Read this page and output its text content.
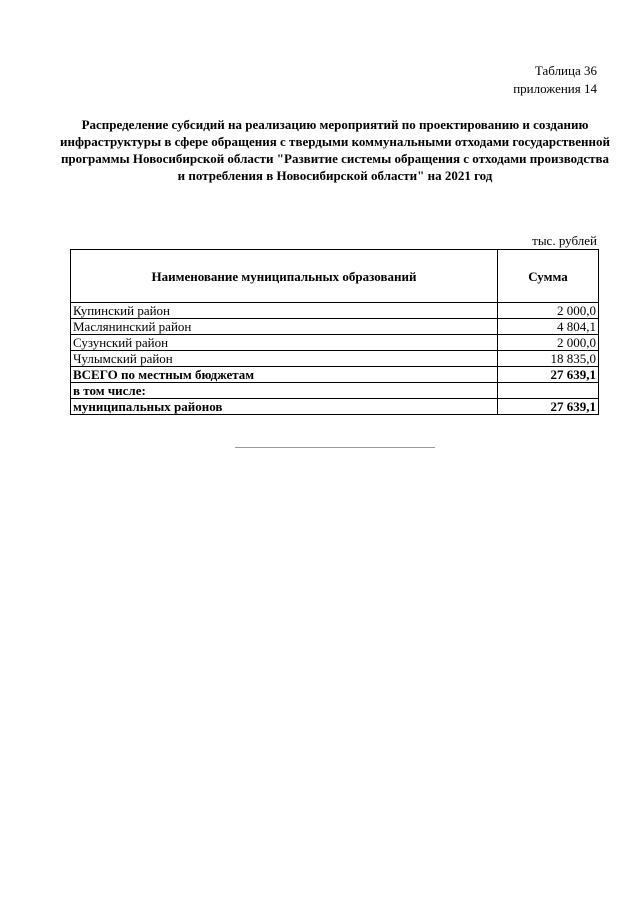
Таблица 36
приложения 14
Распределение субсидий на реализацию мероприятий по проектированию и созданию инфраструктуры в сфере обращения с твердыми коммунальными отходами государственной программы Новосибирской области "Развитие системы обращения с отходами производства и потребления в Новосибирской области" на 2021 год
тыс. рублей
Наименование муниципальных образований	Сумма
Купинский район	2 000,0
Маслянинский район	4 804,1
Сузунский район	2 000,0
Чулымский район	18 835,0
ВСЕГО по местным бюджетам	27 639,1
в том числе:	
муниципальных районов	27 639,1
